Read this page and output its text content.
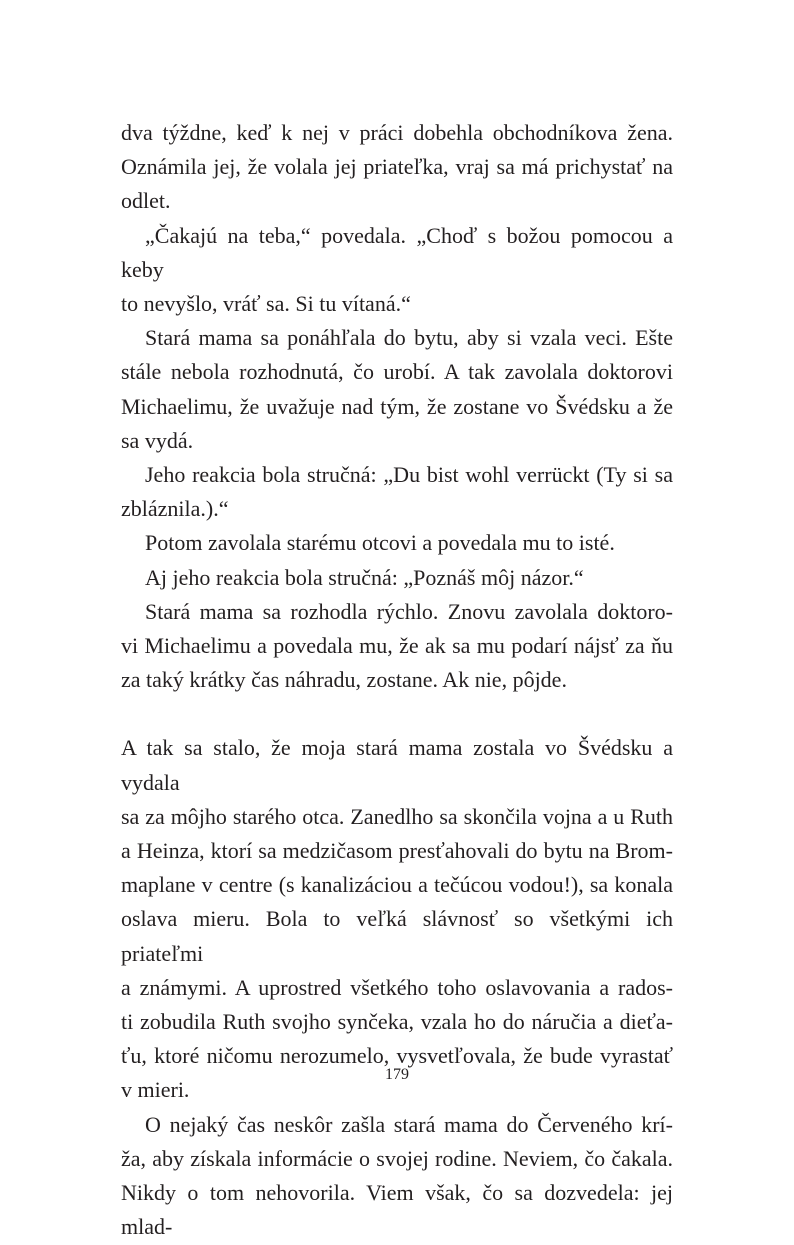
dva týždne, keď k nej v práci dobehla obchodníkova žena.
Oznámila jej, že volala jej priateľka, vraj sa má prichystať na
odlet.

„Čakajú na teba,“ povedala. „Choď s božou pomocou a keby
to nevyšlo, vráť sa. Si tu vítaná.“

Stará mama sa ponáhľala do bytu, aby si vzala veci. Ešte
stále nebola rozhodnutá, čo urobí. A tak zavolala doktorovi
Michaelimu, že uvažuje nad tým, že zostane vo Švédsku a že
sa vydá.

Jeho reakcia bola stručná: „Du bist wohl verrückt (Ty si sa
zbláznila.).“

Potom zavolala starému otcovi a povedala mu to isté.

Aj jeho reakcia bola stručná: „Poznáš môj názor.“

Stará mama sa rozhodla rýchlo. Znovu zavolala doktoro-
vi Michaelimu a povedala mu, že ak sa mu podarí nájsť za ňu
za taký krátky čas náhradu, zostane. Ak nie, pôjde.

A tak sa stalo, že moja stará mama zostala vo Švédsku a vydala
sa za môjho starého otca. Zanedlho sa skončila vojna a u Ruth
a Heinza, ktorí sa medzičasom presťahovali do bytu na Brom-
maplane v centre (s kanalizáciou a tečúcou vodou!), sa konala
oslava mieru. Bola to veľká slávnosť so všetkými ich priateľmi
a známymi. A uprostred všetkého toho oslavovania a rados-
ti zobudila Ruth svojho synčeka, vzala ho do náručia a dieťa-
ťu, ktoré ničomu nerozumelo, vysvetľovala, že bude vyrastať
v mieri.

O nejaký čas neskôr zašla stará mama do Červeného krí-
ža, aby získala informácie o svojej rodine. Neviem, čo čakala.
Nikdy o tom nehovorila. Viem však, čo sa dozvedela: jej mlad-

179
